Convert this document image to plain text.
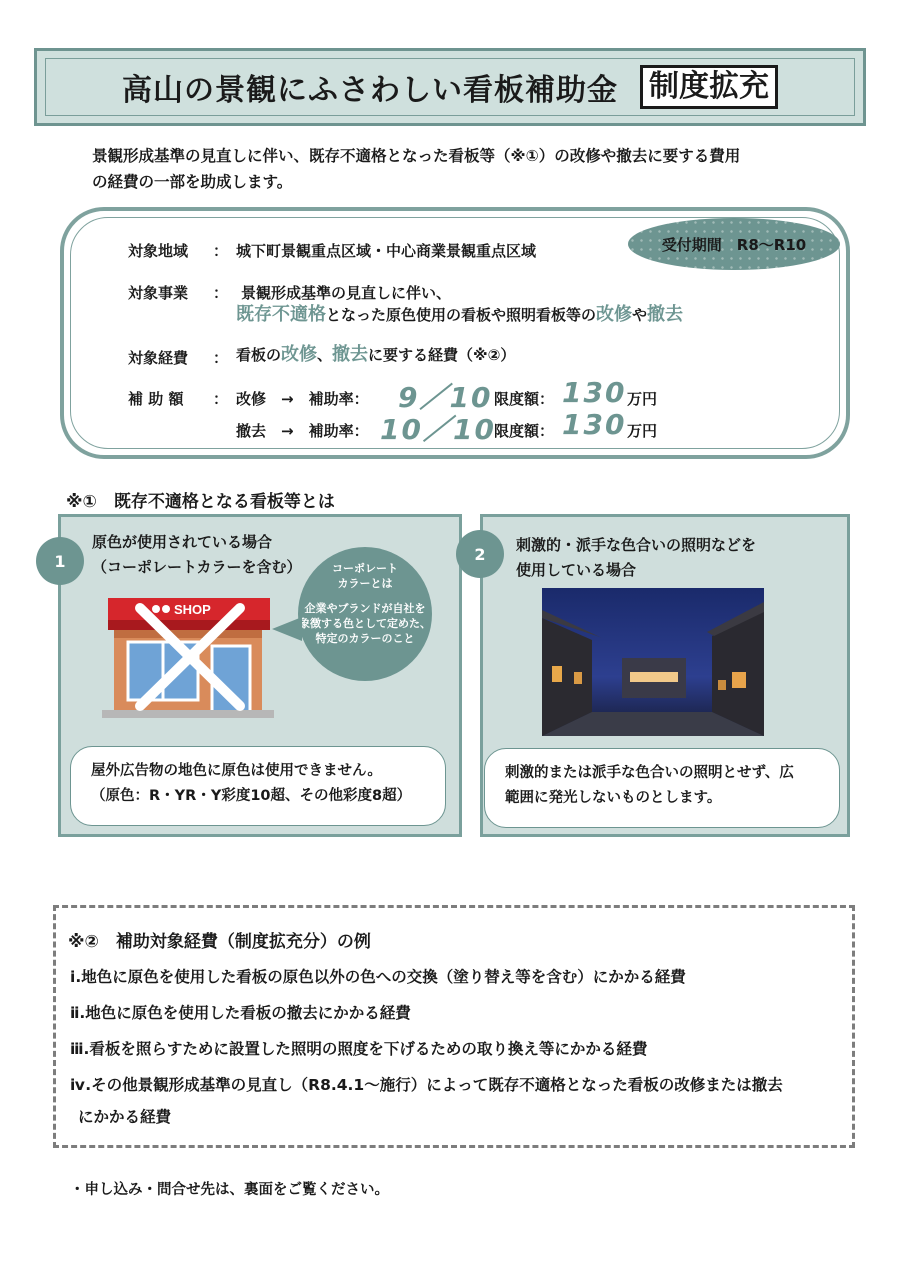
高山の景観にふさわしい看板補助金	制度拡充
景観形成基準の見直しに伴い、既存不適格となった看板等（※①）の改修や撤去に要する費用
の経費の一部を助成します。
受付期間　R8～R10
対象地域 ： 城下町景観重点区域・中心商業景観重点区域
対象事業 ： 景観形成基準の見直しに伴い、
既存不適格となった原色使用の看板や照明看板等の改修や撤去
対象経費 ： 看板の改修、撤去に要する経費（※②）
補 助 額 ： 改修　→　補助率： 9／10 限度額： 130 万円
撤去　→　補助率： 10／10
限度額： 130 万円
※①　既存不適格となる看板等とは
1
原色が使用されている場合
（コーポレートカラーを含む）
SHOP
コーポレート
カラーとは
企業やブランドが自社を
象徴する色として定めた、
特定のカラーのこと
屋外広告物の地色に原色は使用できません。
（原色：R・YR・Y彩度10超、その他彩度8超）
2	刺激的・派手な色合いの照明などを
使用している場合
刺激的または派手な色合いの照明とせず、広
範囲に発光しないものとします。
※②　補助対象経費（制度拡充分）の例
ⅰ.地色に原色を使用した看板の原色以外の色への交換（塗り替え等を含む）にかかる経費
ⅱ.地色に原色を使用した看板の撤去にかかる経費
ⅲ.看板を照らすために設置した照明の照度を下げるための取り換え等にかかる経費
ⅳ.その他景観形成基準の見直し（R8.4.1～施行）によって既存不適格となった看板の改修または撤去
にかかる経費
・申し込み・問合せ先は、裏面をご覧ください。
